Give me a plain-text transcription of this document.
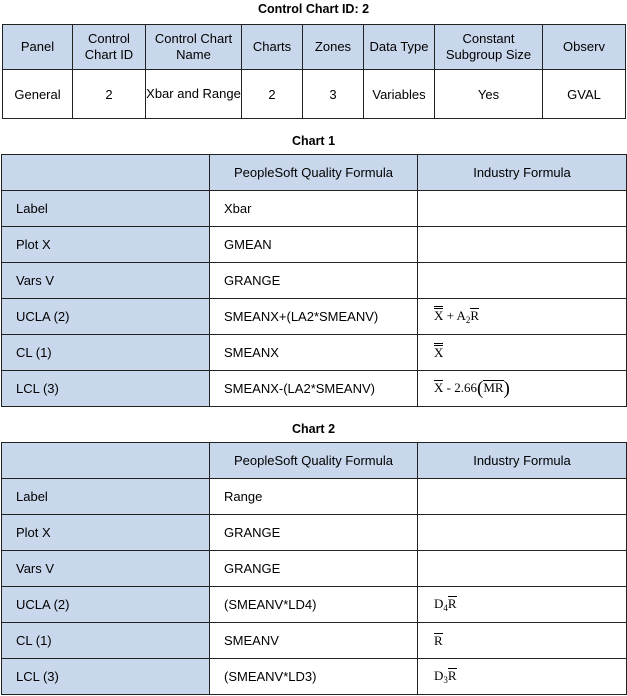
Control Chart ID: 2
Panel	Control Chart ID	Control Chart Name	Charts	Zones	Data Type	Constant Subgroup Size	Observ
General	2	Xbar and Range	2	3	Variables	Yes	GVAL
Chart 1
	PeopleSoft Quality Formula	Industry Formula
Label	Xbar	
Plot X	GMEAN	
Vars V	GRANGE	
UCLA (2)	SMEANX+(LA2*SMEANV)	$X + A_2R$
CL (1)	SMEANX	X
LCL (3)	SMEANX-(LA2*SMEANV)	X - 2.66(MR)
Chart 2
	PeopleSoft Quality Formula	Industry Formula
Label	Range	
Plot X	GRANGE	
Vars V	GRANGE	
UCLA (2)	(SMEANV*LD4)	$D_4R$
CL (1)	SMEANV	R
LCL (3)	(SMEANV*LD3)	$D_3R$
